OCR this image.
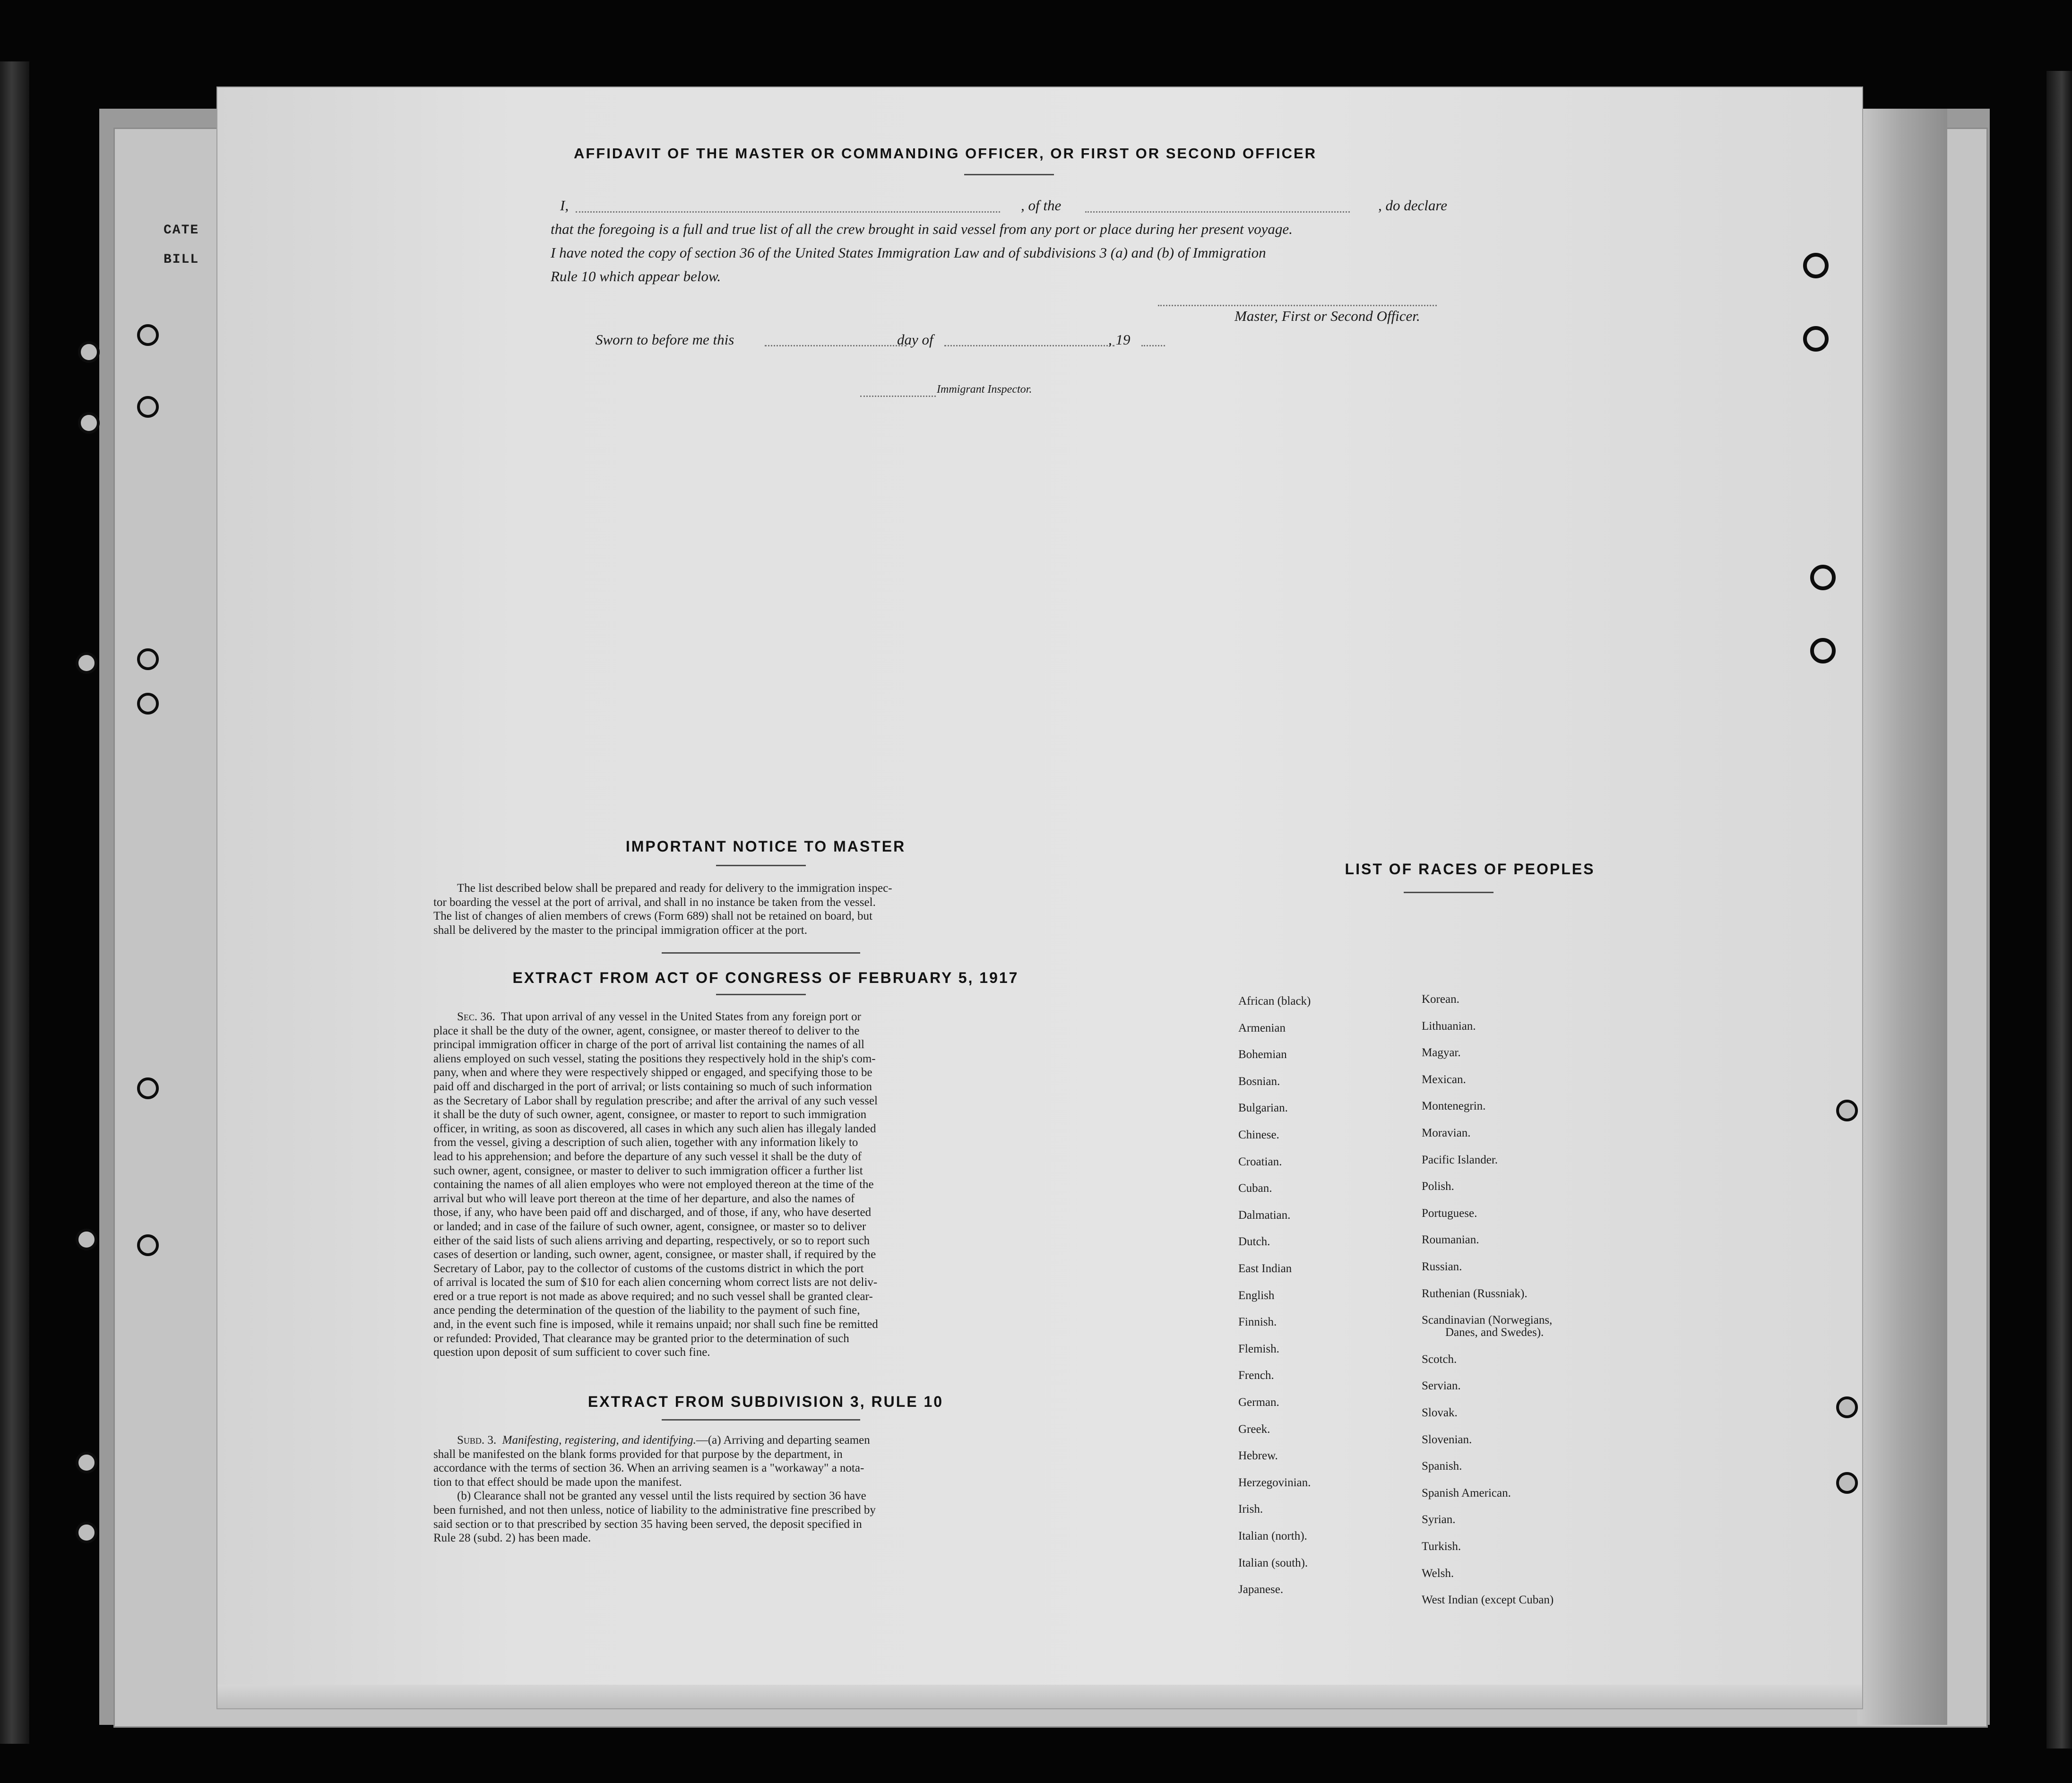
CATE
BILL
AFFIDAVIT OF THE MASTER OR COMMANDING OFFICER, OR FIRST OR SECOND OFFICER
I,	, of the	, do declare
that the foregoing is a full and true list of all the crew brought in said vessel from any port or place during her present voyage.
I have noted the copy of section 36 of the United States Immigration Law and of subdivisions 3 (a) and (b) of Immigration
Rule 10 which appear below.
Master, First or Second Officer.
Sworn to before me this	day of	, 19
Immigrant Inspector.
IMPORTANT NOTICE TO MASTER
The list described below shall be prepared and ready for delivery to the immigration inspec-
tor boarding the vessel at the port of arrival, and shall in no instance be taken from the vessel.
The list of changes of alien members of crews (Form 689) shall not be retained on board, but
shall be delivered by the master to the principal immigration officer at the port.
EXTRACT FROM ACT OF CONGRESS OF FEBRUARY 5, 1917
Sec. 36. That upon arrival of any vessel in the United States from any foreign port or
place it shall be the duty of the owner, agent, consignee, or master thereof to deliver to the
principal immigration officer in charge of the port of arrival list containing the names of all
aliens employed on such vessel, stating the positions they respectively hold in the ship's com-
pany, when and where they were respectively shipped or engaged, and specifying those to be
paid off and discharged in the port of arrival; or lists containing so much of such information
as the Secretary of Labor shall by regulation prescribe; and after the arrival of any such vessel
it shall be the duty of such owner, agent, consignee, or master to report to such immigration
officer, in writing, as soon as discovered, all cases in which any such alien has illegaly landed
from the vessel, giving a description of such alien, together with any information likely to
lead to his apprehension; and before the departure of any such vessel it shall be the duty of
such owner, agent, consignee, or master to deliver to such immigration officer a further list
containing the names of all alien employes who were not employed thereon at the time of the
arrival but who will leave port thereon at the time of her departure, and also the names of
those, if any, who have been paid off and discharged, and of those, if any, who have deserted
or landed; and in case of the failure of such owner, agent, consignee, or master so to deliver
either of the said lists of such aliens arriving and departing, respectively, or so to report such
cases of desertion or landing, such owner, agent, consignee, or master shall, if required by the
Secretary of Labor, pay to the collector of customs of the customs district in which the port
of arrival is located the sum of $10 for each alien concerning whom correct lists are not deliv-
ered or a true report is not made as above required; and no such vessel shall be granted clear-
ance pending the determination of the question of the liability to the payment of such fine,
and, in the event such fine is imposed, while it remains unpaid; nor shall such fine be remitted
or refunded: Provided, That clearance may be granted prior to the determination of such
question upon deposit of sum sufficient to cover such fine.
EXTRACT FROM SUBDIVISION 3, RULE 10
Subd. 3. Manifesting, registering, and identifying.—(a) Arriving and departing seamen
shall be manifested on the blank forms provided for that purpose by the department, in
accordance with the terms of section 36. When an arriving seamen is a "workaway" a nota-
tion to that effect should be made upon the manifest.
(b) Clearance shall not be granted any vessel until the lists required by section 36 have
been furnished, and not then unless, notice of liability to the administrative fine prescribed by
said section or to that prescribed by section 35 having been served, the deposit specified in
Rule 28 (subd. 2) has been made.
LIST OF RACES OF PEOPLES
African (black)
Armenian
Bohemian
Bosnian.
Bulgarian.
Chinese.
Croatian.
Cuban.
Dalmatian.
Dutch.
East Indian
English
Finnish.
Flemish.
French.
German.
Greek.
Hebrew.
Herzegovinian.
Irish.
Italian (north).
Italian (south).
Japanese.
Korean.
Lithuanian.
Magyar.
Mexican.
Montenegrin.
Moravian.
Pacific Islander.
Polish.
Portuguese.
Roumanian.
Russian.
Ruthenian (Russniak).
Scandinavian (Norwegians,
Danes, and Swedes).
Scotch.
Servian.
Slovak.
Slovenian.
Spanish.
Spanish American.
Syrian.
Turkish.
Welsh.
West Indian (except Cuban)
